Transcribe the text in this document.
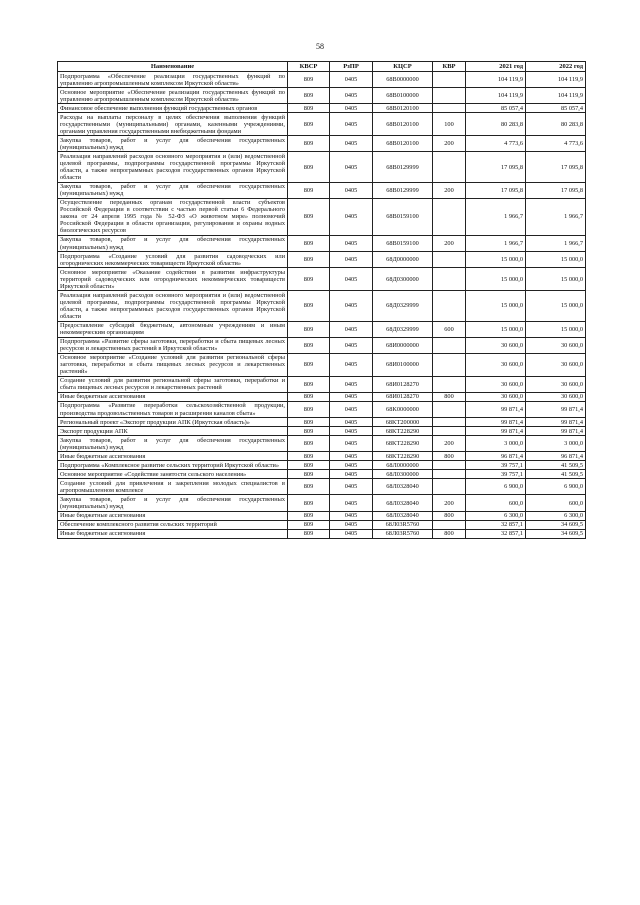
58
Наименование	КВСР	РзПР	КЦСР	КВР	2021 год	2022 год
Подпрограмма «Обеспечение реализации государственных функций по управлению агропромышленным комплексом Иркутской области»	809	0405	68B0000000		104 119,9	104 119,9
Основное мероприятие «Обеспечение реализации государственных функций по управлению агропромышленным комплексом Иркутской области»	809	0405	68B0100000		104 119,9	104 119,9
Финансовое обеспечение выполнения функций государственных органов	809	0405	68B0120100		85 057,4	85 057,4
Расходы на выплаты персоналу в целях обеспечения выполнения функций государственными (муниципальными) органами, казенными учреждениями, органами управления государственными внебюджетными фондами	809	0405	68B0120100	100	80 283,8	80 283,8
Закупка товаров, работ и услуг для обеспечения государственных (муниципальных) нужд	809	0405	68B0120100	200	4 773,6	4 773,6
Реализация направлений расходов основного мероприятия и (или) ведомственной целевой программы, подпрограммы государственной программы Иркутской области, а также непрограммных расходов государственных органов Иркутской области	809	0405	68B0129999		17 095,8	17 095,8
Закупка товаров, работ и услуг для обеспечения государственных (муниципальных) нужд	809	0405	68B0129999	200	17 095,8	17 095,8
Осуществление переданных органам государственной власти субъектов Российской Федерации в соответствии с частью первой статьи 6 Федерального закона от 24 апреля 1995 года № 52-ФЗ «О животном мире» полномочий Российской Федерации в области организации, регулирования и охраны водных биологических ресурсов	809	0405	68B0159100		1 966,7	1 966,7
Закупка товаров, работ и услуг для обеспечения государственных (муниципальных) нужд	809	0405	68B0159100	200	1 966,7	1 966,7
Подпрограмма «Создание условий для развития садоводческих или огороднических некоммерческих товариществ Иркутской области»	809	0405	68Д0000000		15 000,0	15 000,0
Основное мероприятие «Оказание содействия в развитии инфраструктуры территорий садоводческих или огороднических некоммерческих товариществ Иркутской области»	809	0405	68Д0300000		15 000,0	15 000,0
Реализация направлений расходов основного мероприятия и (или) ведомственной целевой программы, подпрограммы государственной программы Иркутской области, а также непрограммных расходов государственных органов Иркутской области	809	0405	68Д0329999		15 000,0	15 000,0
Предоставление субсидий бюджетным, автономным учреждениям и иным некоммерческим организациям	809	0405	68Д0329999	600	15 000,0	15 000,0
Подпрограмма «Развитие сферы заготовки, переработки и сбыта пищевых лесных ресурсов и лекарственных растений в Иркутской области»	809	0405	68И0000000		30 600,0	30 600,0
Основное мероприятие «Создание условий для развития региональной сферы заготовки, переработки и сбыта пищевых лесных ресурсов и лекарственных растений»	809	0405	68И0100000		30 600,0	30 600,0
Создание условий для развития региональной сферы заготовки, переработки и сбыта пищевых лесных ресурсов и лекарственных растений	809	0405	68И0128270		30 600,0	30 600,0
Иные бюджетные ассигнования	809	0405	68И0128270	800	30 600,0	30 600,0
Подпрограмма «Развитие переработки сельскохозяйственной продукции, производства продовольственных товаров и расширения каналов сбыта»	809	0405	68K0000000		99 871,4	99 871,4
Региональный проект «Экспорт продукции АПК (Иркутская область)»	809	0405	68KT200000		99 871,4	99 871,4
Экспорт продукции АПК	809	0405	68KT228290		99 871,4	99 871,4
Закупка товаров, работ и услуг для обеспечения государственных (муниципальных) нужд	809	0405	68KT228290	200	3 000,0	3 000,0
Иные бюджетные ассигнования	809	0405	68KT228290	800	96 871,4	96 871,4
Подпрограмма «Комплексное развитие сельских территорий Иркутской области»	809	0405	68Л0000000		39 757,1	41 509,5
Основное мероприятие «Содействие занятости сельского населения»	809	0405	68Л0300000		39 757,1	41 509,5
Создание условий для привлечения и закрепления молодых специалистов в агропромышленном комплексе	809	0405	68Л0328040		6 900,0	6 900,0
Закупка товаров, работ и услуг для обеспечения государственных (муниципальных) нужд	809	0405	68Л0328040	200	600,0	600,0
Иные бюджетные ассигнования	809	0405	68Л0328040	800	6 300,0	6 300,0
Обеспечение комплексного развития сельских территорий	809	0405	68Л03R5760		32 857,1	34 609,5
Иные бюджетные ассигнования	809	0405	68Л03R5760	800	32 857,1	34 609,5
